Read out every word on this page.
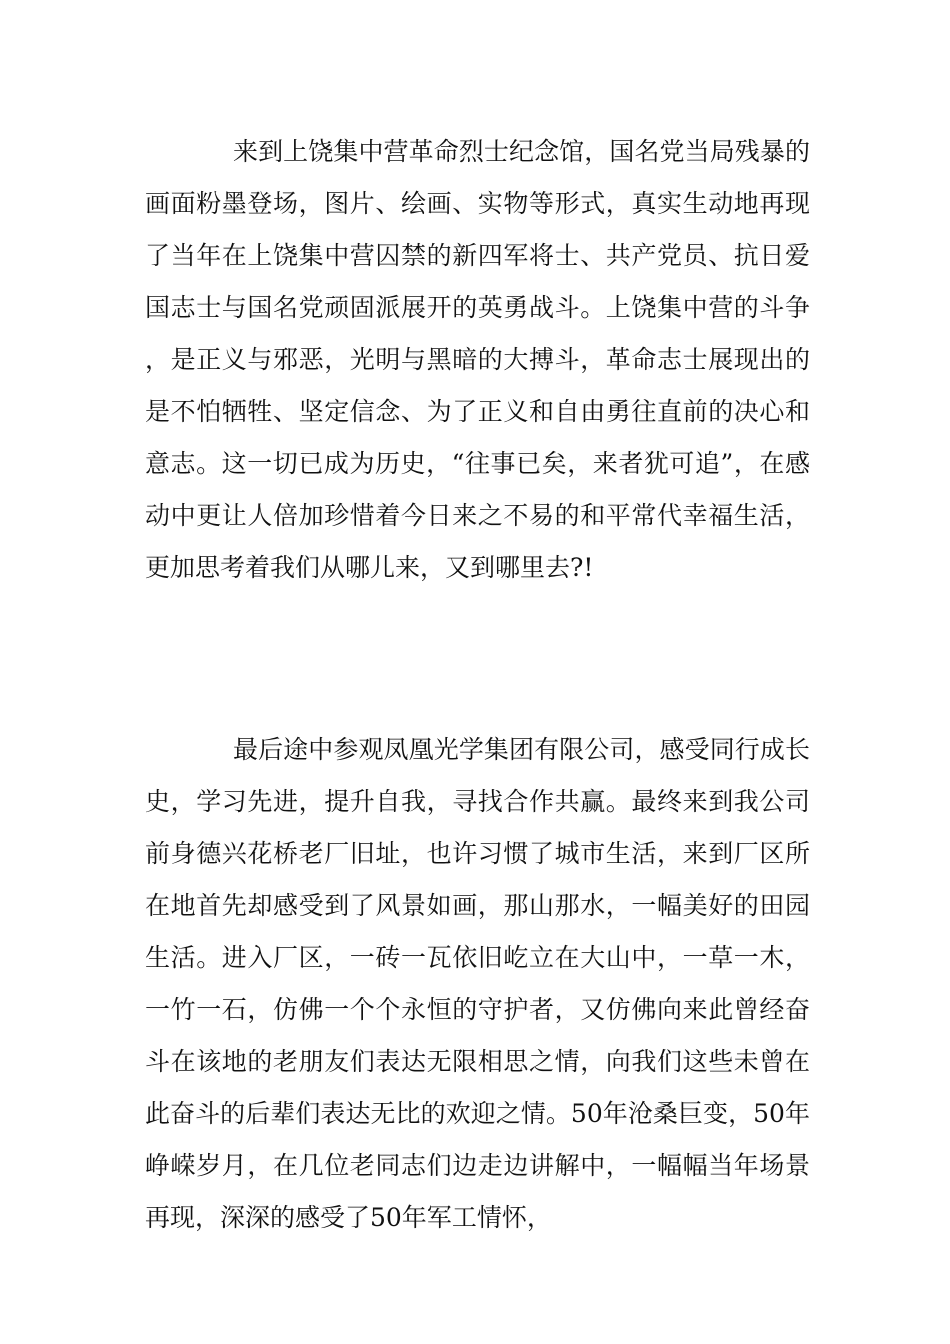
来到上饶集中营革命烈士纪念馆，国名党当局残暴的画面粉墨登场，图片、绘画、实物等形式，真实生动地再现了当年在上饶集中营囚禁的新四军将士、共产党员、抗日爱国志士与国名党顽固派展开的英勇战斗。上饶集中营的斗争，是正义与邪恶，光明与黑暗的大搏斗，革命志士展现出的是不怕牺牲、坚定信念、为了正义和自由勇往直前的决心和意志。这一切已成为历史，“往事已矣，来者犹可追”，在感动中更让人倍加珍惜着今日来之不易的和平常代幸福生活，更加思考着我们从哪儿来，又到哪里去?!

最后途中参观凤凰光学集团有限公司，感受同行成长史，学习先进，提升自我，寻找合作共赢。最终来到我公司前身德兴花桥老厂旧址，也许习惯了城市生活，来到厂区所在地首先却感受到了风景如画，那山那水，一幅美好的田园生活。进入厂区，一砖一瓦依旧屹立在大山中，一草一木，一竹一石，仿佛一个个永恒的守护者，又仿佛向来此曾经奋斗在该地的老朋友们表达无限相思之情，向我们这些未曾在此奋斗的后辈们表达无比的欢迎之情。50年沧桑巨变，50年峥嵘岁月，在几位老同志们边走边讲解中，一幅幅当年场景再现，深深的感受了50年军工情怀，
